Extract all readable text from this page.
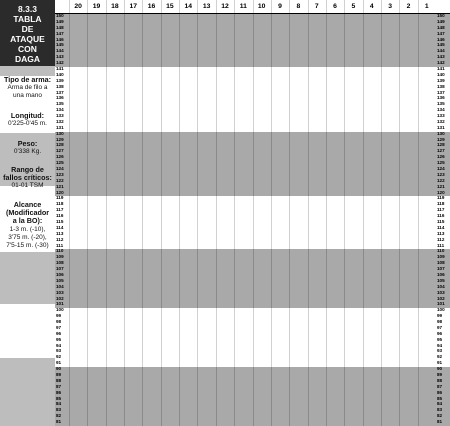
8.3.3
TABLA
DE
ATAQUE
CON
DAGA
Tipo de arma:
Arma de filo a
una mano
Longitud:
0'225-0'45 m.
Peso:
0'338 Kg.
Rango de
fallos críticos:
01-01 TSM
Alcance
(Modificador
a la BO):
1-3 m. (-10),
3'75 m. (-20),
7'5-15 m. (-30)
20	19	18	17	16	15	14	13	12	11	10	9	8	7	6	5	4	3	2	1
150	150
149	149
148	148
147	147
146	146
145	145
144	144
143	143
142	142
141	141
140	140
139	139
138	138
137	137
136	136
135	135
134	134
133	133
132	132
131	131
130	130
129	129
128	128
127	127
126	126
125	125
124	124
123	123
122	122
121	121
120	120
119	119
118	118
117	117
116	116
115	115
114	114
113	113
112	112
111	111
110	110
109	109
108	108
107	107
106	106
105	105
104	104
103	103
102	102
101	101
100	100
99	99
98	98
97	97
96	96
95	95
94	94
93	93
92	92
91	91
90	90
89	89
88	88
87	87
86	86
85	85
84	84
83	83
82	82
81	81
